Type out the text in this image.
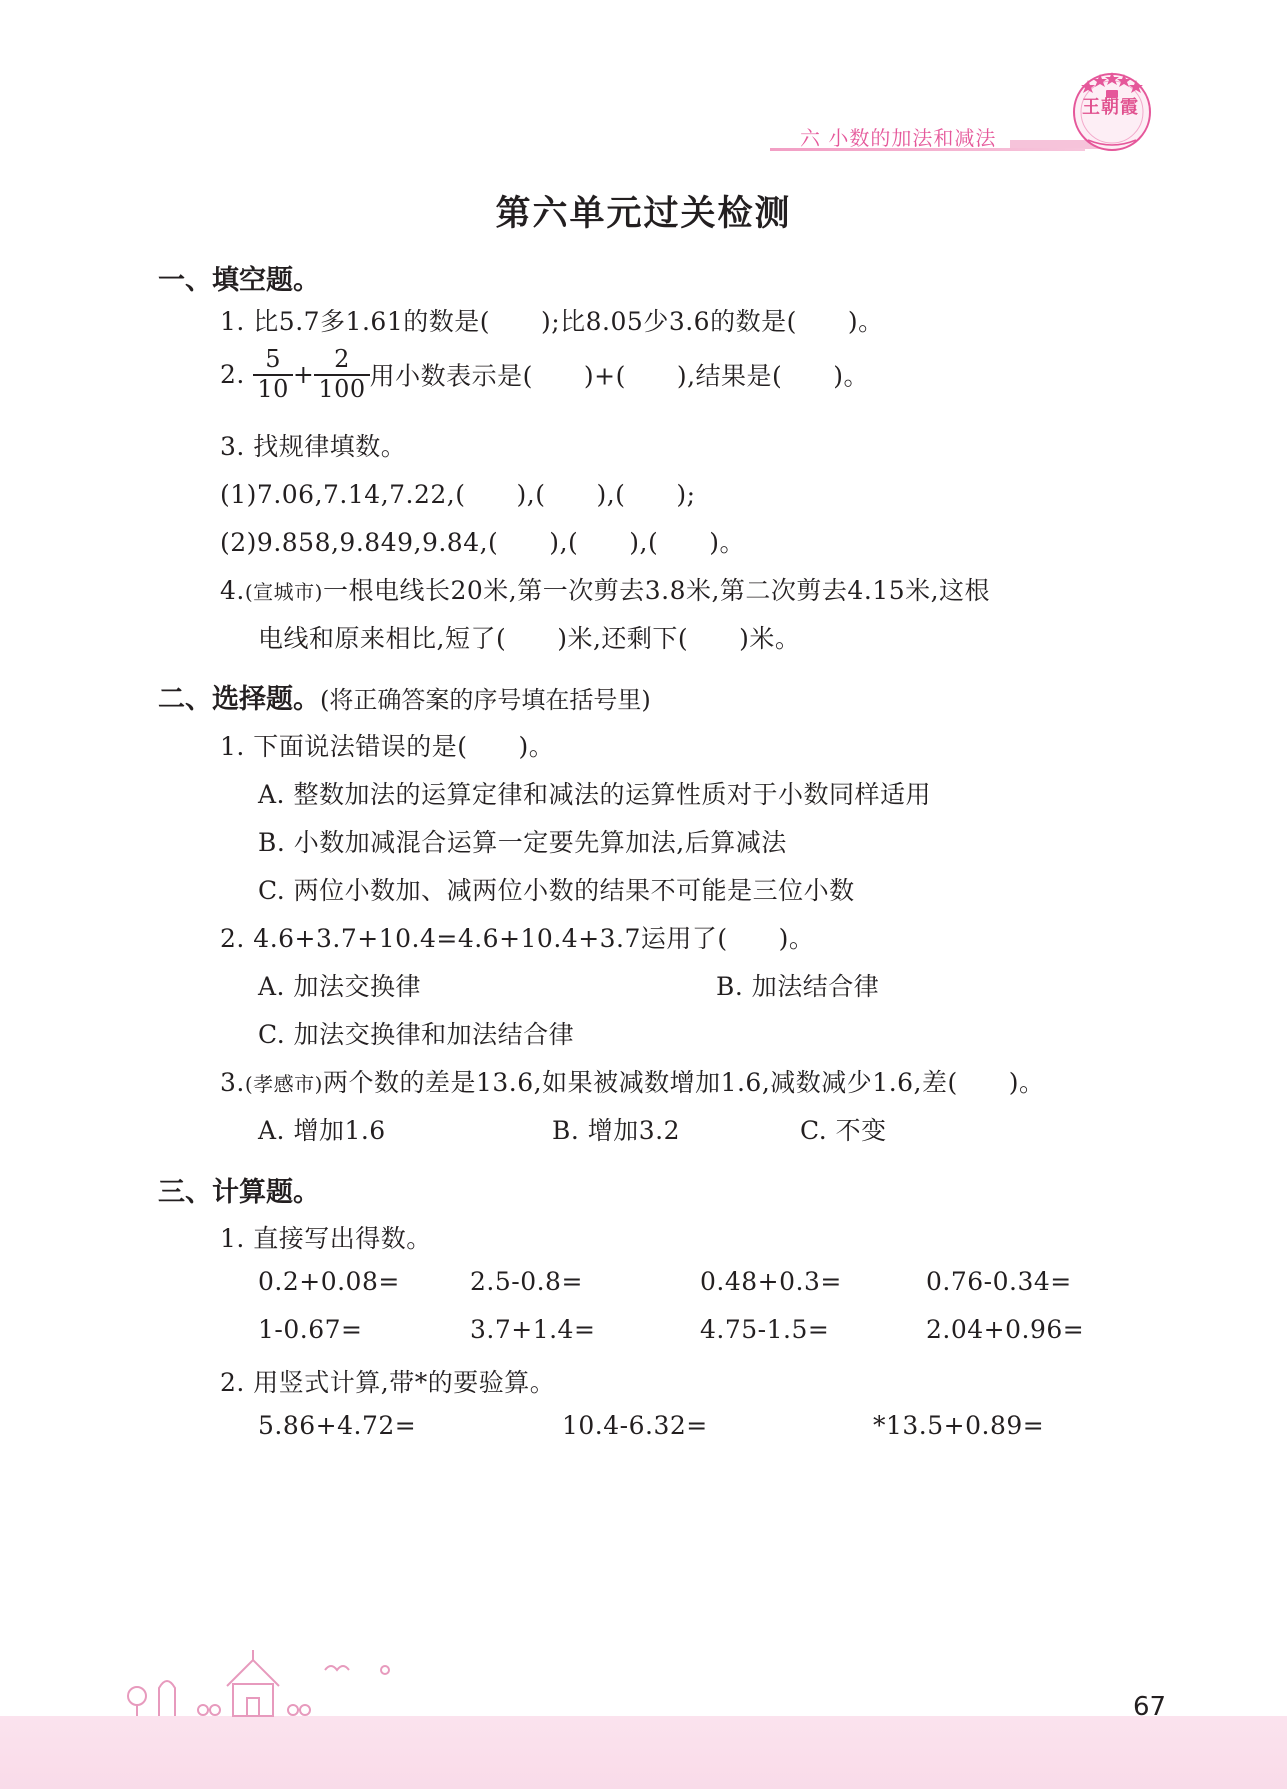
六 小数的加法和减法
王朝霞
第六单元过关检测
一、填空题。
1. 比5.7多1.61的数是(　　);比8.05少3.6的数是(　　)。
2. $\frac{5}{10} + \frac{2}{100}$ 用小数表示是(　　)+(　　),结果是(　　)。
3. 找规律填数。
(1)7.06,7.14,7.22,(　　),(　　),(　　);
(2)9.858,9.849,9.84,(　　),(　　),(　　)。
4.(宣城市)一根电线长20米,第一次剪去3.8米,第二次剪去4.15米,这根
电线和原来相比,短了(　　)米,还剩下(　　)米。
二、选择题。(将正确答案的序号填在括号里)
1. 下面说法错误的是(　　)。
A. 整数加法的运算定律和减法的运算性质对于小数同样适用
B. 小数加减混合运算一定要先算加法,后算减法
C. 两位小数加、减两位小数的结果不可能是三位小数
2. 4.6+3.7+10.4=4.6+10.4+3.7运用了(　　)。
A. 加法交换律	B. 加法结合律
C. 加法交换律和加法结合律
3.(孝感市)两个数的差是13.6,如果被减数增加1.6,减数减少1.6,差(　　)。
A. 增加1.6	B. 增加3.2	C. 不变
三、计算题。
1. 直接写出得数。
0.2+0.08=	2.5-0.8=	0.48+0.3=	0.76-0.34=
1-0.67=	3.7+1.4=	4.75-1.5=	2.04+0.96=
2. 用竖式计算,带*的要验算。
5.86+4.72=	10.4-6.32=	*13.5+0.89=
67
